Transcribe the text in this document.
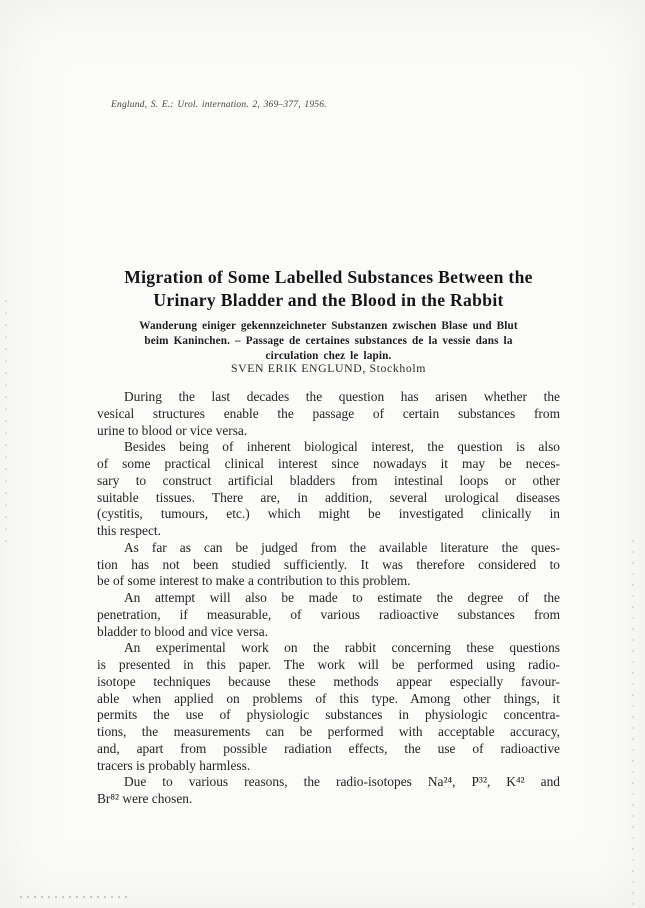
Englund, S. E.: Urol. internation. 2, 369–377, 1956.
Migration of Some Labelled Substances Between the
Urinary Bladder and the Blood in the Rabbit
Wanderung einiger gekennzeichneter Substanzen zwischen Blase und Blut
beim Kaninchen. – Passage de certaines substances de la vessie dans la
circulation chez le lapin.
SVEN ERIK ENGLUND, Stockholm

During the last decades the question has arisen whether the
vesical structures enable the passage of certain substances from
urine to blood or vice versa.

Besides being of inherent biological interest, the question is also
of some practical clinical interest since nowadays it may be neces-
sary to construct artificial bladders from intestinal loops or other
suitable tissues. There are, in addition, several urological diseases
(cystitis, tumours, etc.) which might be investigated clinically in
this respect.

As far as can be judged from the available literature the ques-
tion has not been studied sufficiently. It was therefore considered to
be of some interest to make a contribution to this problem.

An attempt will also be made to estimate the degree of the
penetration, if measurable, of various radioactive substances from
bladder to blood and vice versa.

An experimental work on the rabbit concerning these questions
is presented in this paper. The work will be performed using radio-
isotope techniques because these methods appear especially favour-
able when applied on problems of this type. Among other things, it
permits the use of physiologic substances in physiologic concentra-
tions, the measurements can be performed with acceptable accuracy,
and, apart from possible radiation effects, the use of radioactive
tracers is probably harmless.

Due to various reasons, the radio-isotopes Na²⁴, P³², K⁴² and
Br⁸² were chosen.
